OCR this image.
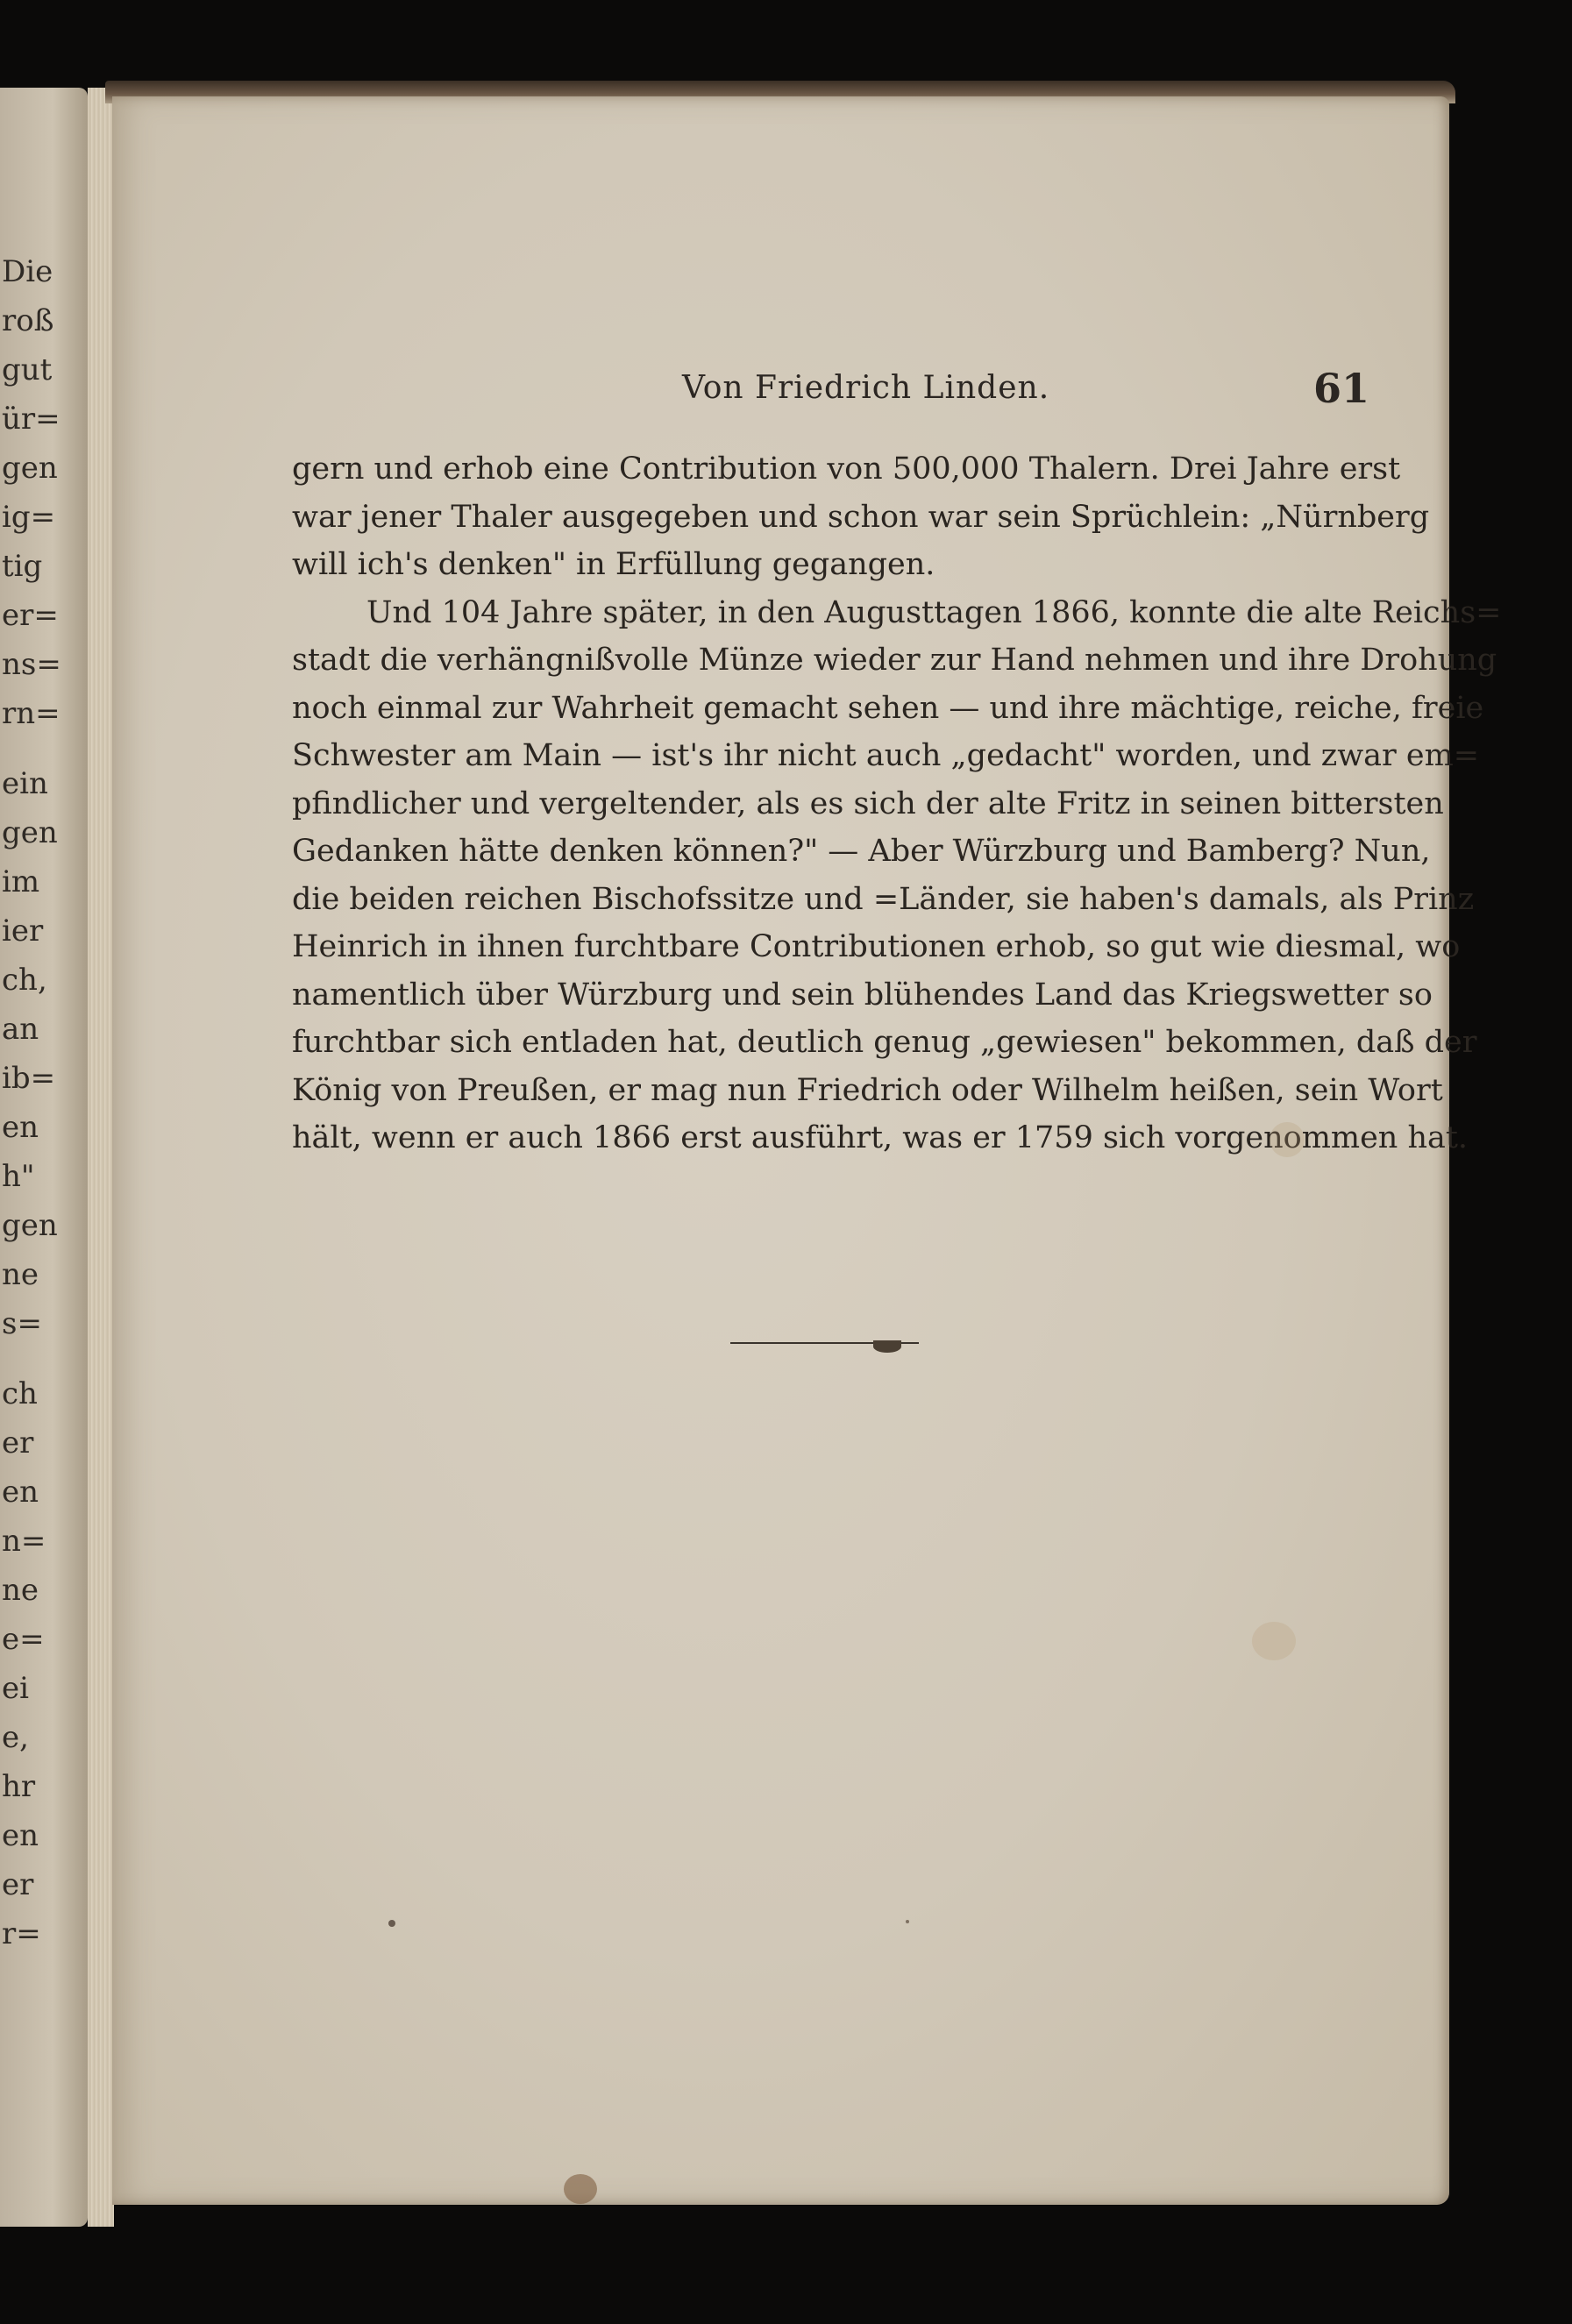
Die
roß
gut
ür=
gen
ig=
tig
er=
ns=
rn=
ein
gen
im
ier
ch,
an
ib=
en
h"
gen
ne
s=
ch
er
en
n=
ne
e=
ei
e,
hr
en
er
r=
Von Friedrich Linden.	61
gern und erhob eine Contribution von 500,000 Thalern. Drei Jahre erst
war jener Thaler ausgegeben und schon war sein Sprüchlein: „Nürnberg
will ich's denken" in Erfüllung gegangen.
Und 104 Jahre später, in den Augusttagen 1866, konnte die alte Reichs=
stadt die verhängnißvolle Münze wieder zur Hand nehmen und ihre Drohung
noch einmal zur Wahrheit gemacht sehen — und ihre mächtige, reiche, freie
Schwester am Main — ist's ihr nicht auch „gedacht" worden, und zwar em=
pfindlicher und vergeltender, als es sich der alte Fritz in seinen bittersten
Gedanken hätte denken können?" — Aber Würzburg und Bamberg? Nun,
die beiden reichen Bischofssitze und =Länder, sie haben's damals, als Prinz
Heinrich in ihnen furchtbare Contributionen erhob, so gut wie diesmal, wo
namentlich über Würzburg und sein blühendes Land das Kriegswetter so
furchtbar sich entladen hat, deutlich genug „gewiesen" bekommen, daß der
König von Preußen, er mag nun Friedrich oder Wilhelm heißen, sein Wort
hält, wenn er auch 1866 erst ausführt, was er 1759 sich vorgenommen hat.
